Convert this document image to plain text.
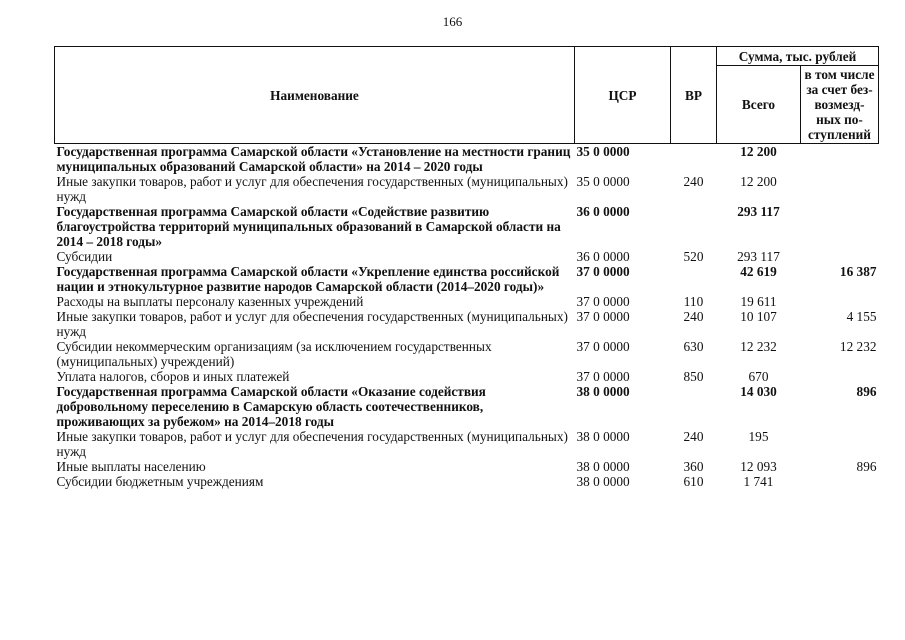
166
Наименование	ЦСР	ВР	Сумма, тыс. рублей	
			Всего	в том числе за счет без-возмезд-ных по-ступлений
Государственная программа Самарской области «Установление на местности границ муниципальных образований Самарской области» на 2014 – 2020 годы	35 0 0000		12 200	
Иные закупки товаров, работ и услуг для обеспечения государственных (муниципальных) нужд	35 0 0000	240	12 200	
Государственная программа Самарской области «Содействие развитию благоустройства территорий муниципальных образований в Самарской области на 2014 – 2018 годы»	36 0 0000		293 117	
Субсидии	36 0 0000	520	293 117	
Государственная программа Самарской области «Укрепление единства российской нации и этнокультурное развитие народов Самарской области (2014–2020 годы)»	37 0 0000		42 619	16 387
Расходы на выплаты персоналу казенных учреждений	37 0 0000	110	19 611	
Иные закупки товаров, работ и услуг для обеспечения государственных (муниципальных) нужд	37 0 0000	240	10 107	4 155
Субсидии некоммерческим организациям (за исключением государственных (муниципальных) учреждений)	37 0 0000	630	12 232	12 232
Уплата налогов, сборов и иных платежей	37 0 0000	850	670	
Государственная программа Самарской области «Оказание содействия добровольному переселению в Самарскую область соотечественников, проживающих за рубежом» на 2014–2018 годы	38 0 0000		14 030	896
Иные закупки товаров, работ и услуг для обеспечения государственных (муниципальных) нужд	38 0 0000	240	195	
Иные выплаты населению	38 0 0000	360	12 093	896
Субсидии бюджетным учреждениям	38 0 0000	610	1 741	
